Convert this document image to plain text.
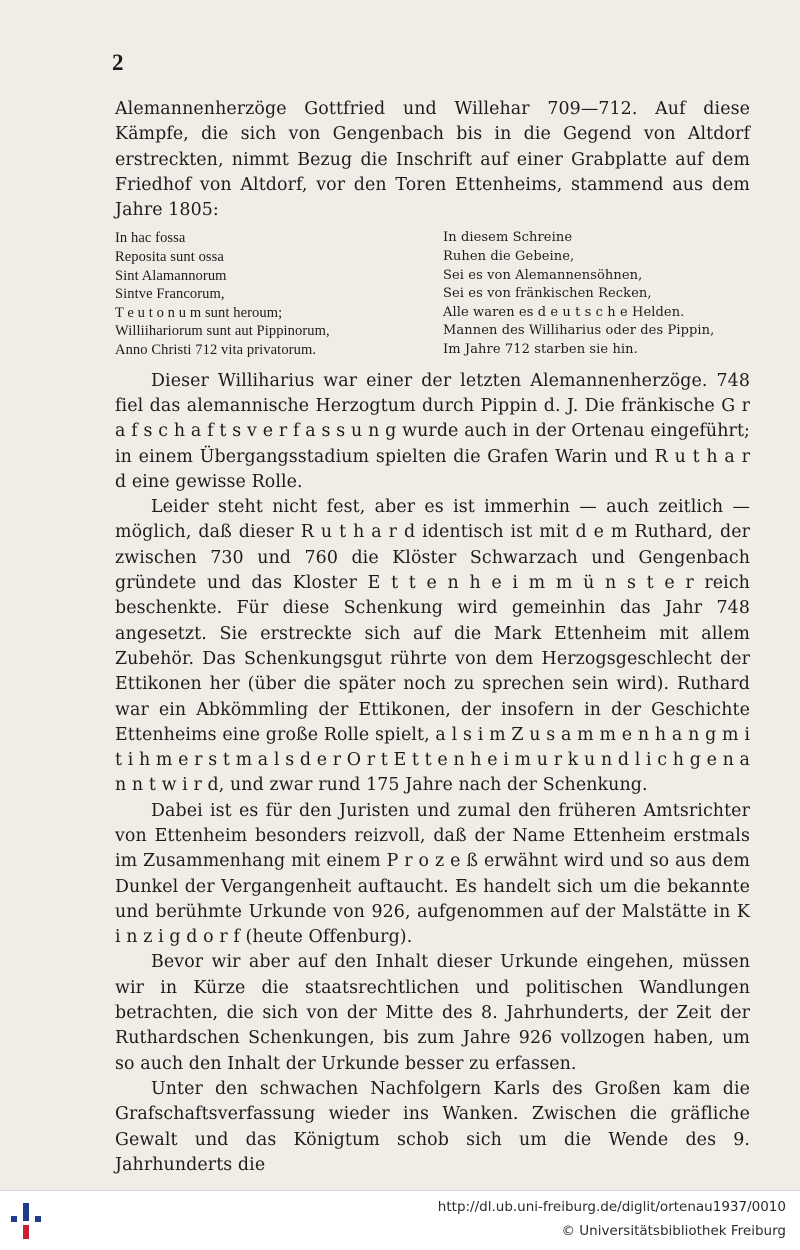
2

Alemannenherzöge Gottfried und Willehar 709—712. Auf diese Kämpfe, die sich von Gengenbach bis in die Gegend von Altdorf erstreckten, nimmt Bezug die Inschrift auf einer Grabplatte auf dem Friedhof von Altdorf, vor den Toren Ettenheims, stammend aus dem Jahre 1805:

In hac fossa	In diesem Schreine
Reposita sunt ossa	Ruhen die Gebeine,
Sint Alamannorum	Sei es von Alemannensöhnen,
Sintve Francorum,	Sei es von fränkischen Recken,
T e u t o n u m sunt heroum;	Alle waren es d e u t s c h e Helden.
Williihariorum sunt aut Pippinorum,	Mannen des Williharius oder des Pippin,
Anno Christi 712 vita privatorum.	Im Jahre 712 starben sie hin.

Dieser Williharius war einer der letzten Alemannenherzöge. 748 fiel das alemannische Herzogtum durch Pippin d. J. Die fränkische G r a f s c h a f t s v e r f a s s u n g wurde auch in der Ortenau eingeführt; in einem Übergangsstadium spielten die Grafen Warin und R u t h a r d eine gewisse Rolle.

Leider steht nicht fest, aber es ist immerhin — auch zeitlich — möglich, daß dieser R u t h a r d identisch ist mit d e m Ruthard, der zwischen 730 und 760 die Klöster Schwarzach und Gengenbach gründete und das Kloster E t t e n h e i m m ü n s t e r reich beschenkte. Für diese Schenkung wird gemeinhin das Jahr 748 angesetzt. Sie erstreckte sich auf die Mark Ettenheim mit allem Zubehör. Das Schenkungsgut rührte von dem Herzogsgeschlecht der Ettikonen her (über die später noch zu sprechen sein wird). Ruthard war ein Abkömmling der Ettikonen, der insofern in der Geschichte Ettenheims eine große Rolle spielt, a l s i m Z u s a m m e n h a n g m i t i h m e r s t m a l s d e r O r t E t t e n h e i m u r k u n d l i c h g e n a n n t w i r d, und zwar rund 175 Jahre nach der Schenkung.

Dabei ist es für den Juristen und zumal den früheren Amtsrichter von Ettenheim besonders reizvoll, daß der Name Ettenheim erstmals im Zusammenhang mit einem P r o z e ß erwähnt wird und so aus dem Dunkel der Vergangenheit auftaucht. Es handelt sich um die bekannte und berühmte Urkunde von 926, aufgenommen auf der Malstätte in K i n z i g d o r f (heute Offenburg).

Bevor wir aber auf den Inhalt dieser Urkunde eingehen, müssen wir in Kürze die staatsrechtlichen und politischen Wandlungen betrachten, die sich von der Mitte des 8. Jahrhunderts, der Zeit der Ruthardschen Schenkungen, bis zum Jahre 926 vollzogen haben, um so auch den Inhalt der Urkunde besser zu erfassen.

Unter den schwachen Nachfolgern Karls des Großen kam die Grafschaftsverfassung wieder ins Wanken. Zwischen die gräfliche Gewalt und das Königtum schob sich um die Wende des 9. Jahrhunderts die

http://dl.ub.uni-freiburg.de/diglit/ortenau1937/0010
© Universitätsbibliothek Freiburg
